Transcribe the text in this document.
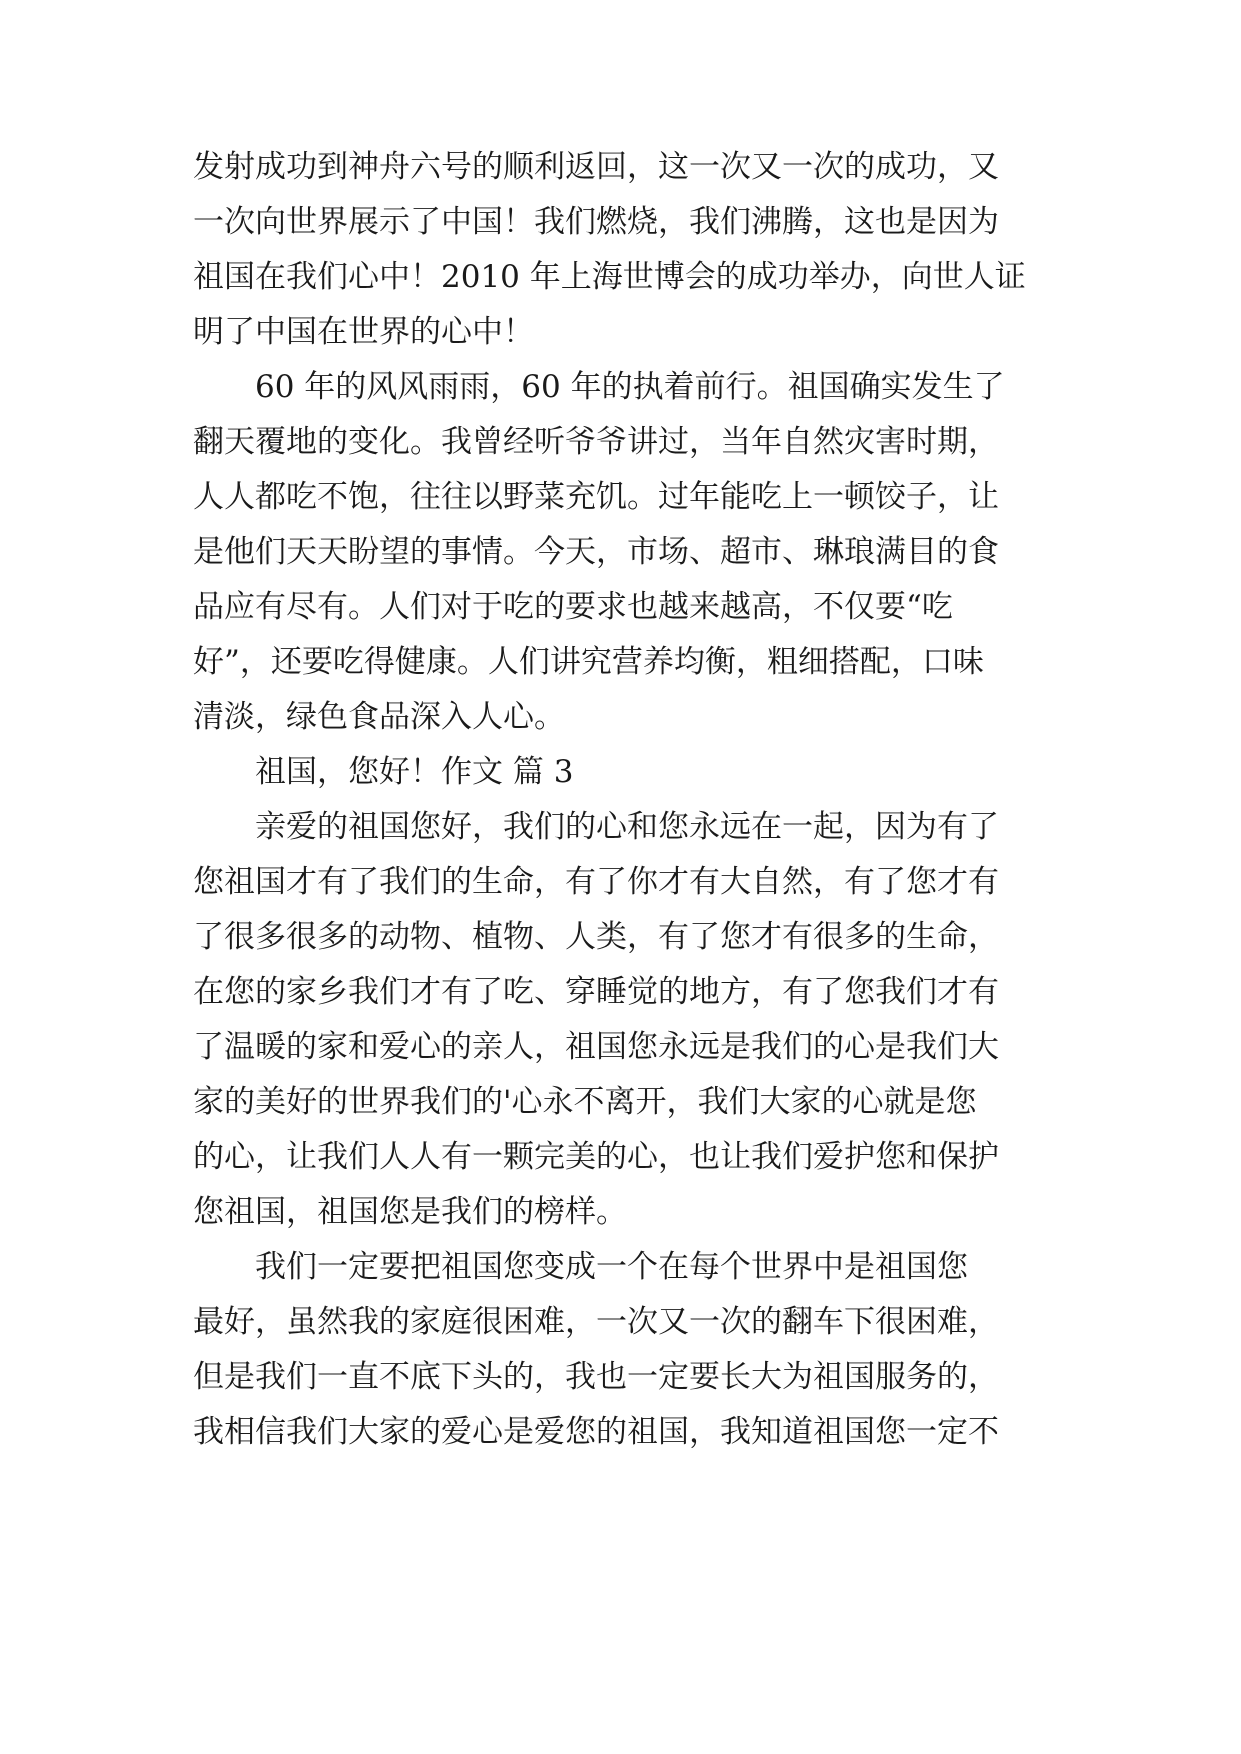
发射成功到神舟六号的顺利返回，这一次又一次的成功，又
一次向世界展示了中国！我们燃烧，我们沸腾，这也是因为
祖国在我们心中！2010 年上海世博会的成功举办，向世人证
明了中国在世界的心中！
60 年的风风雨雨，60 年的执着前行。祖国确实发生了
翻天覆地的变化。我曾经听爷爷讲过，当年自然灾害时期，
人人都吃不饱，往往以野菜充饥。过年能吃上一顿饺子，让
是他们天天盼望的事情。今天，市场、超市、琳琅满目的食
品应有尽有。人们对于吃的要求也越来越高，不仅要“吃
好”，还要吃得健康。人们讲究营养均衡，粗细搭配，口味
清淡，绿色食品深入人心。
祖国，您好！作文 篇 3
亲爱的祖国您好，我们的心和您永远在一起，因为有了
您祖国才有了我们的生命，有了你才有大自然，有了您才有
了很多很多的动物、植物、人类，有了您才有很多的生命，
在您的家乡我们才有了吃、穿睡觉的地方，有了您我们才有
了温暖的家和爱心的亲人，祖国您永远是我们的心是我们大
家的美好的世界我们的'心永不离开，我们大家的心就是您
的心，让我们人人有一颗完美的心，也让我们爱护您和保护
您祖国，祖国您是我们的榜样。
我们一定要把祖国您变成一个在每个世界中是祖国您
最好，虽然我的家庭很困难，一次又一次的翻车下很困难，
但是我们一直不底下头的，我也一定要长大为祖国服务的，
我相信我们大家的爱心是爱您的祖国，我知道祖国您一定不
